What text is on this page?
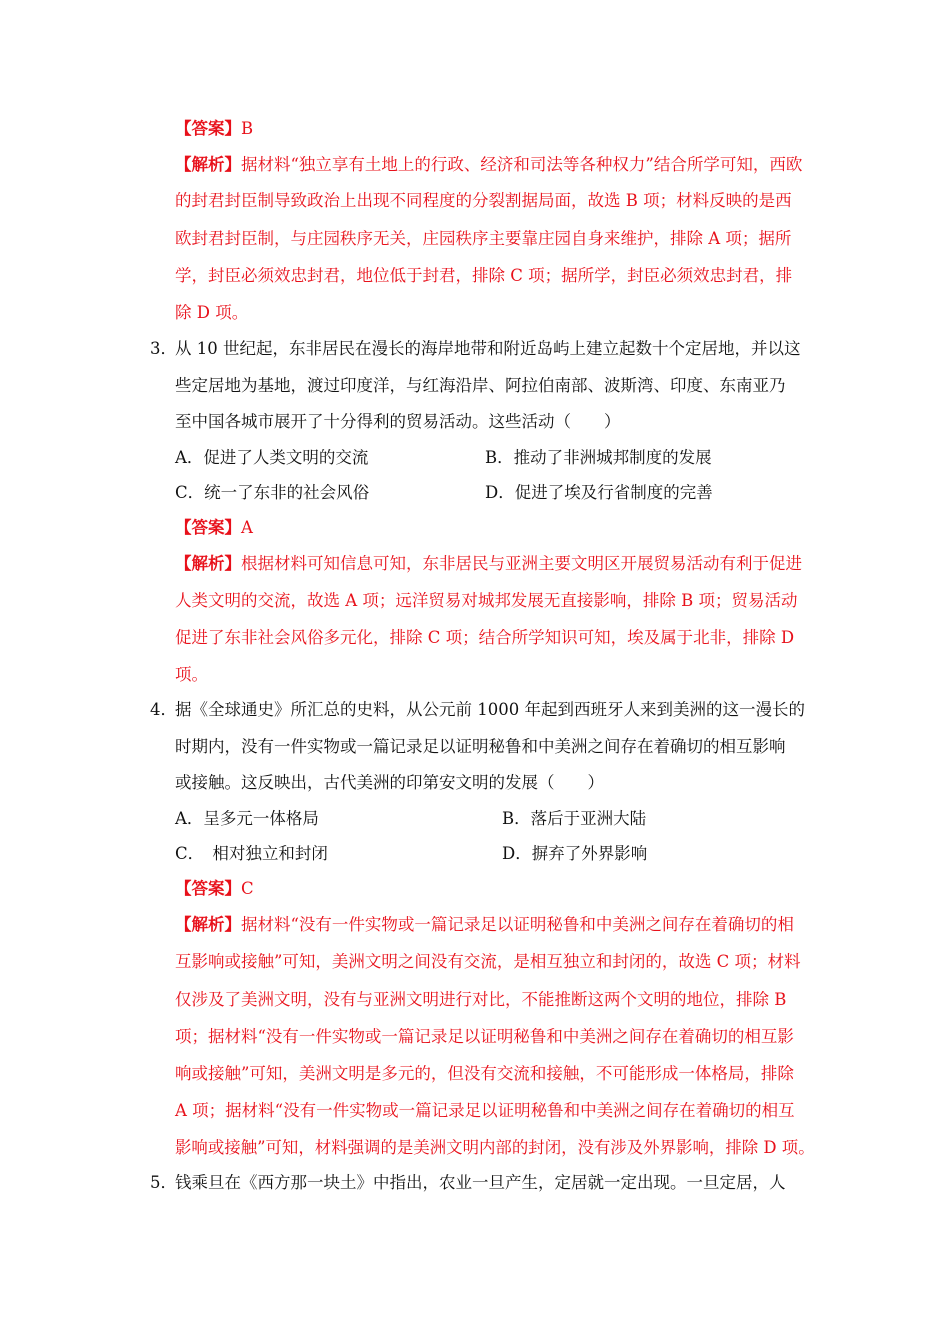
【答案】B
【解析】据材料“独立享有土地上的行政、经济和司法等各种权力”结合所学可知，西欧
的封君封臣制导致政治上出现不同程度的分裂割据局面，故选 B 项；材料反映的是西
欧封君封臣制，与庄园秩序无关，庄园秩序主要靠庄园自身来维护，排除 A 项；据所
学，封臣必须效忠封君，地位低于封君，排除 C 项；据所学，封臣必须效忠封君，排
除 D 项。
3．
从 10 世纪起，东非居民在漫长的海岸地带和附近岛屿上建立起数十个定居地，并以这
些定居地为基地，渡过印度洋，与红海沿岸、阿拉伯南部、波斯湾、印度、东南亚乃
至中国各城市展开了十分得利的贸易活动。这些活动（　　）
A．促进了人类文明的交流	B．推动了非洲城邦制度的发展
C．统一了东非的社会风俗	D．促进了埃及行省制度的完善
【答案】A
【解析】根据材料可知信息可知，东非居民与亚洲主要文明区开展贸易活动有利于促进
人类文明的交流，故选 A 项；远洋贸易对城邦发展无直接影响，排除 B 项；贸易活动
促进了东非社会风俗多元化，排除 C 项；结合所学知识可知，埃及属于北非，排除 D
项。
4．
据《全球通史》所汇总的史料，从公元前 1000 年起到西班牙人来到美洲的这一漫长的
时期内，没有一件实物或一篇记录足以证明秘鲁和中美洲之间存在着确切的相互影响
或接触。这反映出，古代美洲的印第安文明的发展（　　）
A．呈多元一体格局	B．落后于亚洲大陆
C．　相对独立和封闭	D．摒弃了外界影响
【答案】C
【解析】据材料“没有一件实物或一篇记录足以证明秘鲁和中美洲之间存在着确切的相
互影响或接触”可知，美洲文明之间没有交流，是相互独立和封闭的，故选 C 项；材料
仅涉及了美洲文明，没有与亚洲文明进行对比，不能推断这两个文明的地位，排除 B
项；据材料“没有一件实物或一篇记录足以证明秘鲁和中美洲之间存在着确切的相互影
响或接触”可知，美洲文明是多元的，但没有交流和接触，不可能形成一体格局，排除
A 项；据材料“没有一件实物或一篇记录足以证明秘鲁和中美洲之间存在着确切的相互
影响或接触”可知，材料强调的是美洲文明内部的封闭，没有涉及外界影响，排除 D 项。
5．
钱乘旦在《西方那一块土》中指出，农业一旦产生，定居就一定出现。一旦定居，人
